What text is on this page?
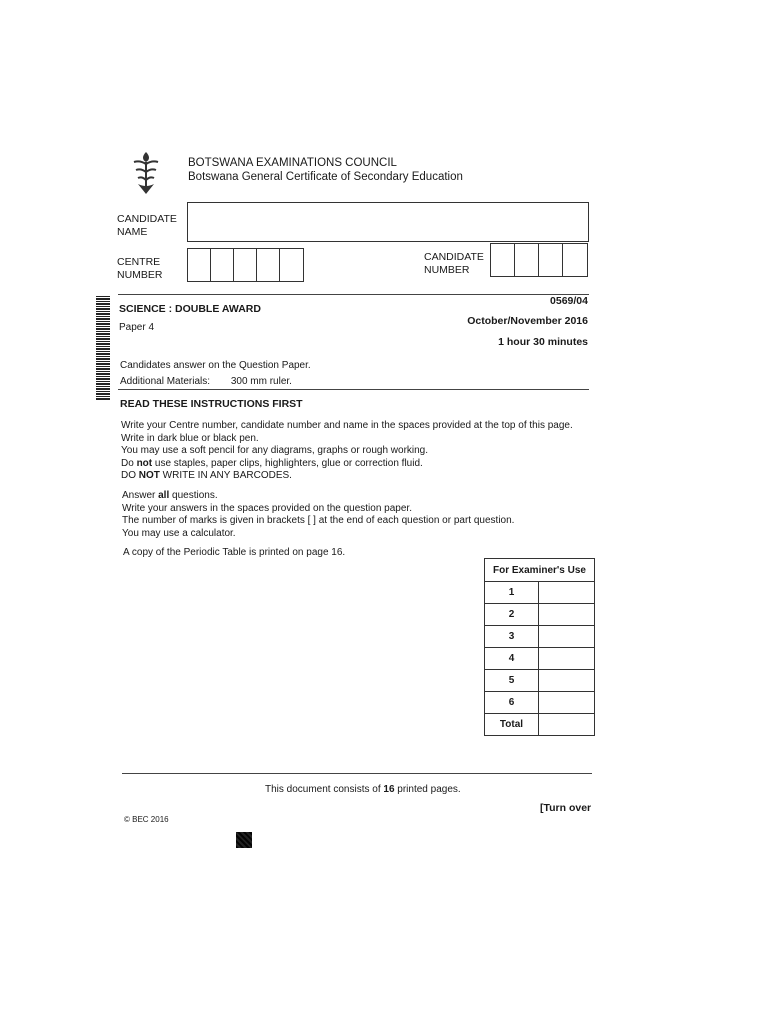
BOTSWANA EXAMINATIONS COUNCIL
Botswana General Certificate of Secondary Education
CANDIDATE
NAME
CENTRE
NUMBER
CANDIDATE
NUMBER
SCIENCE : DOUBLE AWARD
Paper 4
0569/04
October/November 2016
1 hour 30 minutes
Candidates answer on the Question Paper.
Additional Materials: 300 mm ruler.
READ THESE INSTRUCTIONS FIRST
Write your Centre number, candidate number and name in the spaces provided at the top of this page.
Write in dark blue or black pen.
You may use a soft pencil for any diagrams, graphs or rough working.
Do not use staples, paper clips, highlighters, glue or correction fluid.
DO NOT WRITE IN ANY BARCODES.
Answer all questions.
Write your answers in the spaces provided on the question paper.
The number of marks is given in brackets [ ] at the end of each question or part question.
You may use a calculator.
A copy of the Periodic Table is printed on page 16.
For Examiner's Use	
1	
2	
3	
4	
5	
6	
Total	
This document consists of 16 printed pages.
[Turn over
© BEC 2016
